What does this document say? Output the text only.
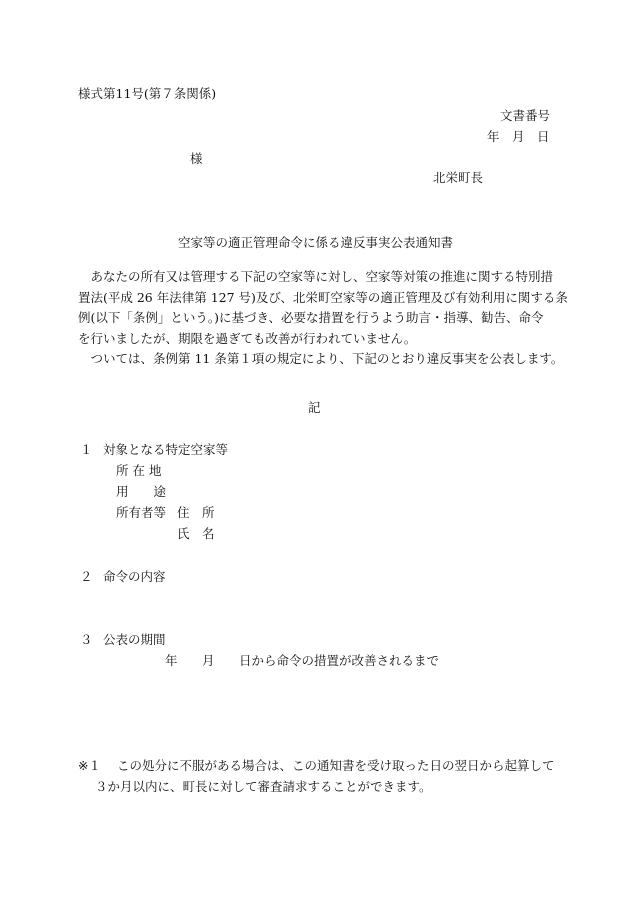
様式第11号(第７条関係)
文書番号
年　月　日
様
北栄町長
空家等の適正管理命令に係る違反事実公表通知書
　あなたの所有又は管理する下記の空家等に対し、空家等対策の推進に関する特別措
置法(平成 26 年法律第 127 号)及び、北栄町空家等の適正管理及び有効利用に関する条
例(以下「条例」という。)に基づき、必要な措置を行うよう助言・指導、勧告、命令
を行いましたが、期限を過ぎても改善が行われていません。
　ついては、条例第 11 条第１項の規定により、下記のとおり違反事実を公表します。
記
１ 対象となる特定空家等
所 在 地
用　　途
所有者等 住　所
氏　名
２ 命令の内容
３ 公表の期間
年 月 日から命令の措置が改善されるまで
※１ この処分に不服がある場合は、この通知書を受け取った日の翌日から起算して
３か月以内に、町長に対して審査請求することができます。
